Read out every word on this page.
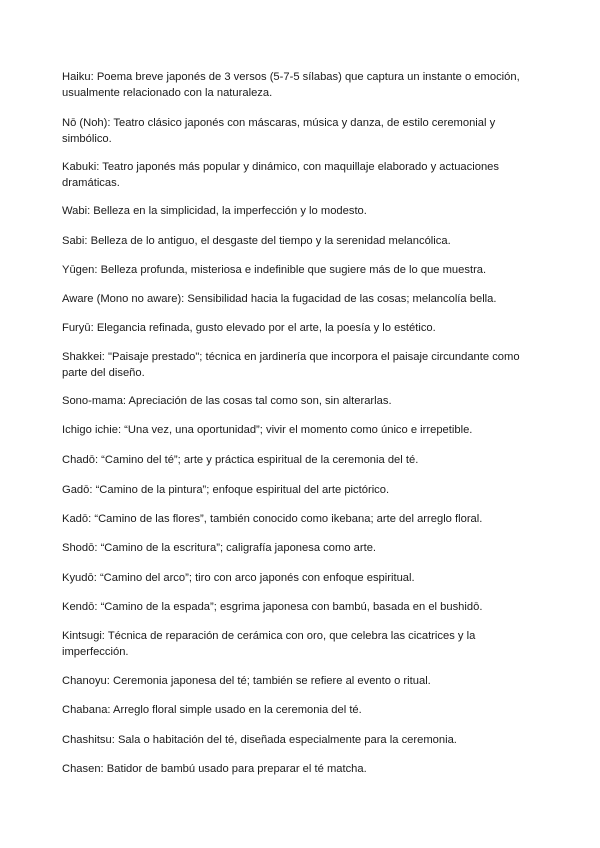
Haiku: Poema breve japonés de 3 versos (5-7-5 sílabas) que captura un instante o emoción, usualmente relacionado con la naturaleza.

Nō (Noh): Teatro clásico japonés con máscaras, música y danza, de estilo ceremonial y simbólico.

Kabuki: Teatro japonés más popular y dinámico, con maquillaje elaborado y actuaciones dramáticas.

Wabi: Belleza en la simplicidad, la imperfección y lo modesto.

Sabi: Belleza de lo antiguo, el desgaste del tiempo y la serenidad melancólica.

Yūgen: Belleza profunda, misteriosa e indefinible que sugiere más de lo que muestra.

Aware (Mono no aware): Sensibilidad hacia la fugacidad de las cosas; melancolía bella.

Furyū: Elegancia refinada, gusto elevado por el arte, la poesía y lo estético.

Shakkei: "Paisaje prestado"; técnica en jardinería que incorpora el paisaje circundante como parte del diseño.

Sono-mama: Apreciación de las cosas tal como son, sin alterarlas.

Ichigo ichie: “Una vez, una oportunidad”; vivir el momento como único e irrepetible.

Chadō: “Camino del té”; arte y práctica espiritual de la ceremonia del té.

Gadō: “Camino de la pintura”; enfoque espiritual del arte pictórico.

Kadō: “Camino de las flores”, también conocido como ikebana; arte del arreglo floral.

Shodō: “Camino de la escritura”; caligrafía japonesa como arte.

Kyudō: “Camino del arco”; tiro con arco japonés con enfoque espiritual.

Kendō: “Camino de la espada”; esgrima japonesa con bambú, basada en el bushidō.

Kintsugi: Técnica de reparación de cerámica con oro, que celebra las cicatrices y la imperfección.

Chanoyu: Ceremonia japonesa del té; también se refiere al evento o ritual.

Chabana: Arreglo floral simple usado en la ceremonia del té.

Chashitsu: Sala o habitación del té, diseñada especialmente para la ceremonia.

Chasen: Batidor de bambú usado para preparar el té matcha.
